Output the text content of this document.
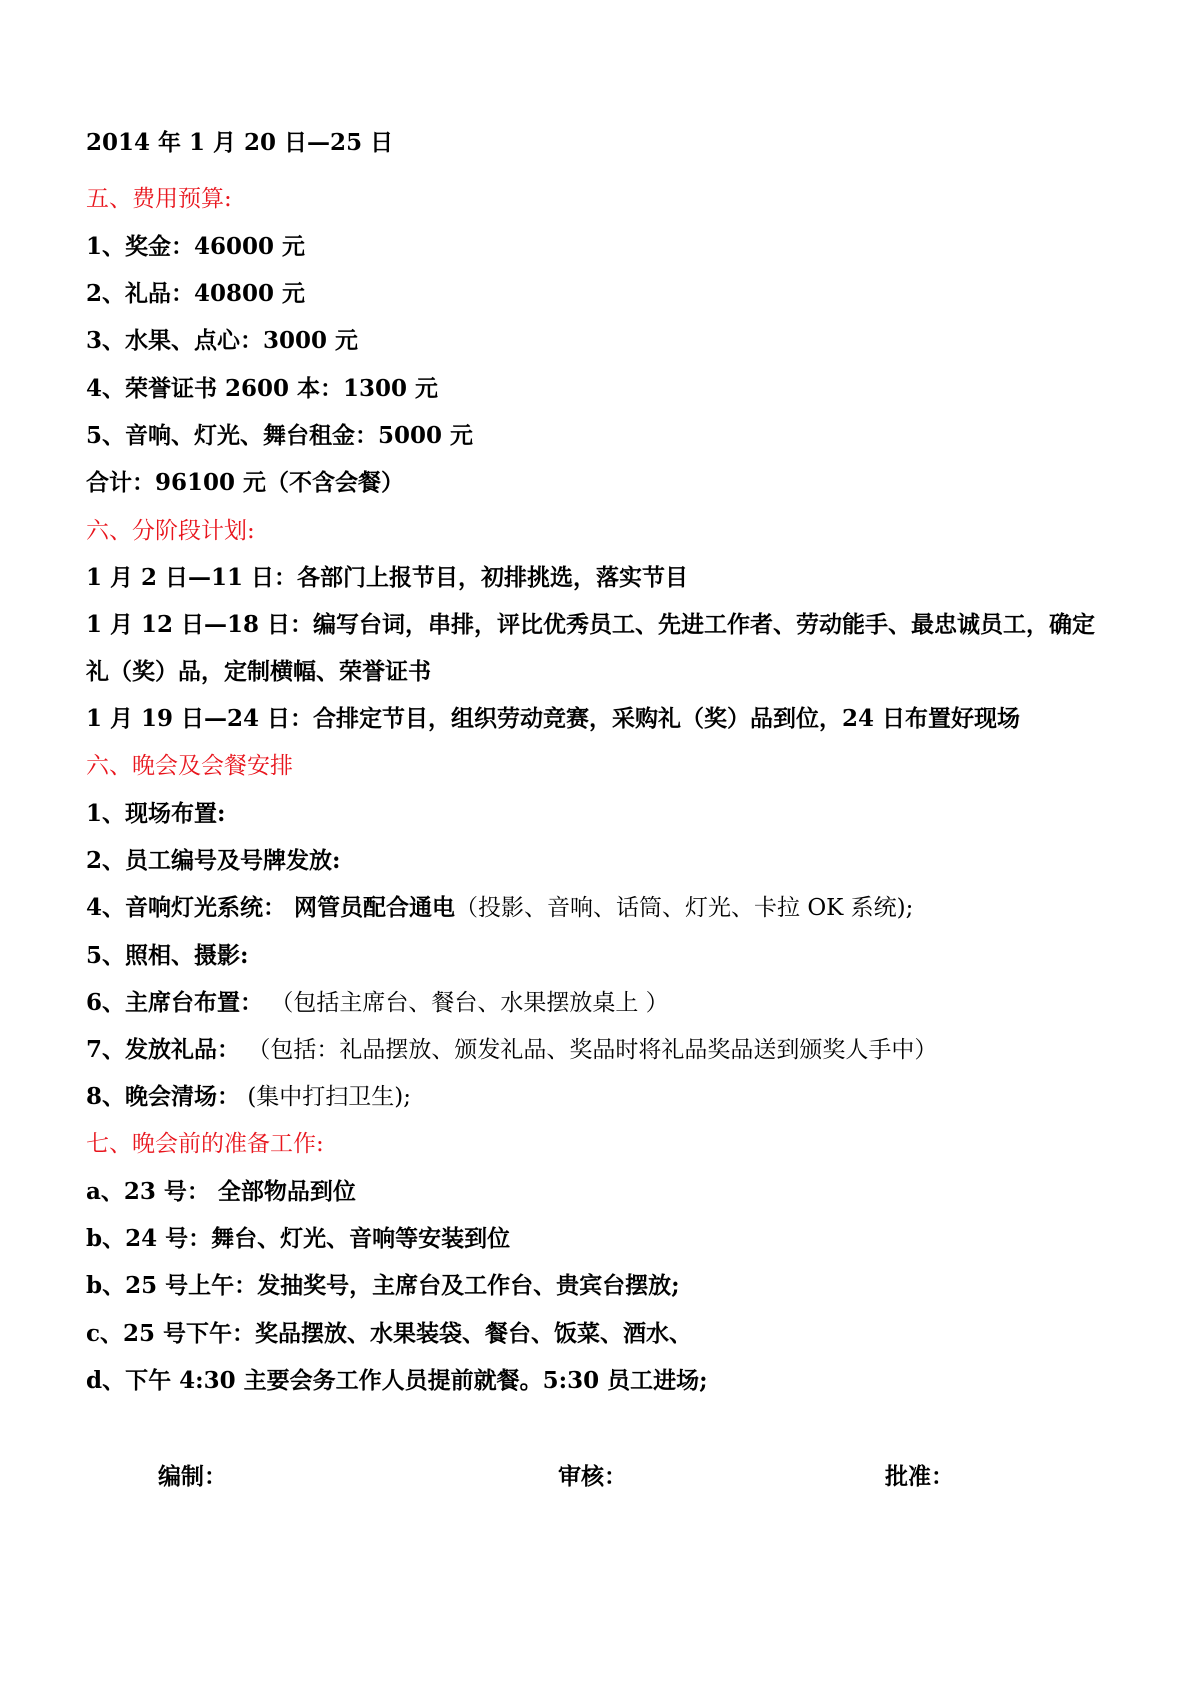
2014 年 1 月 20 日—25 日
五、费用预算:
1、奖金：46000 元
2、礼品：40800 元
3、水果、点心：3000 元
4、荣誉证书 2600 本：1300 元
5、音响、灯光、舞台租金：5000 元
合计：96100 元（不含会餐）
六、分阶段计划:
1 月 2 日—11 日：各部门上报节目，初排挑选，落实节目
1 月 12 日—18 日：编写台词，串排，评比优秀员工、先进工作者、劳动能手、最忠诚员工，确定
礼（奖）品，定制横幅、荣誉证书
1 月 19 日—24 日：合排定节目，组织劳动竞赛，采购礼（奖）品到位，24 日布置好现场
六、晚会及会餐安排
1、现场布置:
2、员工编号及号牌发放:
4、音响灯光系统： 网管员配合通电（投影、音响、话筒、灯光、卡拉 OK 系统);
5、照相、摄影:
6、主席台布置： （包括主席台、餐台、水果摆放桌上 ）
7、发放礼品： （包括：礼品摆放、颁发礼品、奖品时将礼品奖品送到颁奖人手中）
8、晚会清场： (集中打扫卫生);
七、晚会前的准备工作:
a、23 号： 全部物品到位
b、24 号：舞台、灯光、音响等安装到位
b、25 号上午：发抽奖号，主席台及工作台、贵宾台摆放;
c、25 号下午：奖品摆放、水果装袋、餐台、饭菜、酒水、
d、下午 4:30 主要会务工作人员提前就餐。5:30 员工进场;
编制：	审核：	批准：
